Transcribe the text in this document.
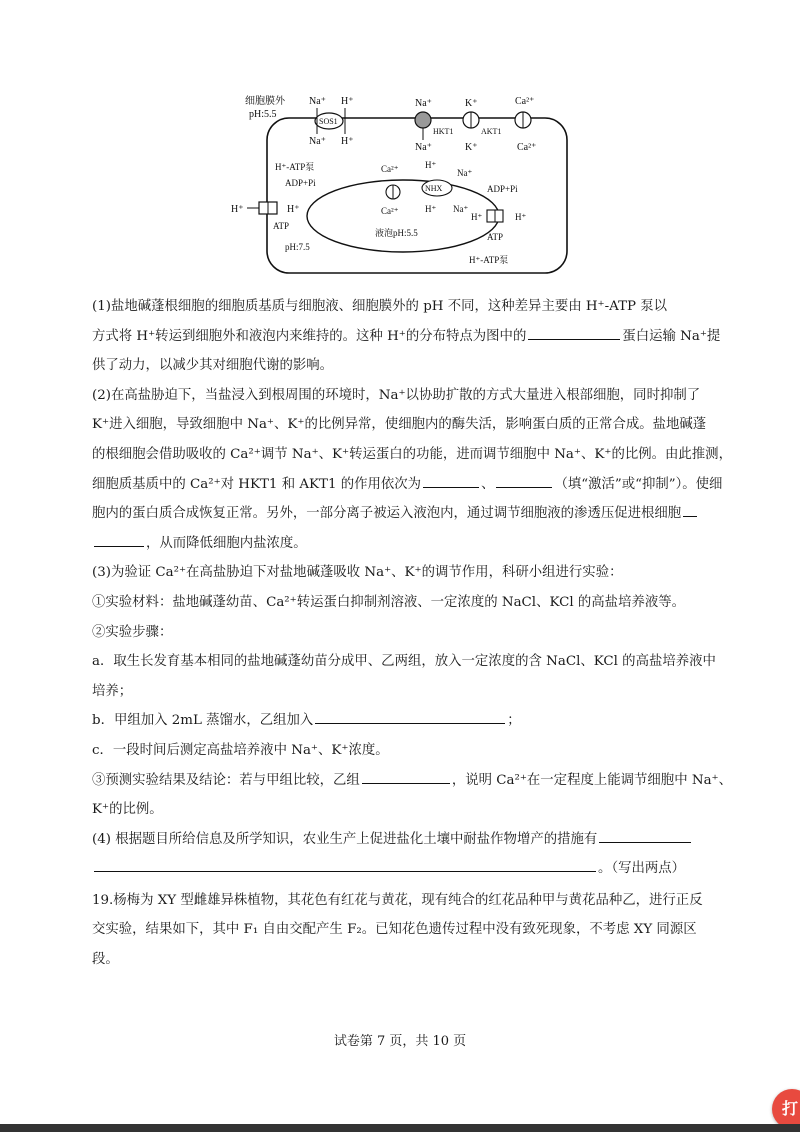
细胞膜外
pH:5.5
SOS1
Na⁺ H⁺
Na⁺ H⁺
Na⁺
Na⁺
HKT1
K⁺
K⁺
AKT1
Ca²⁺
Ca²⁺
H⁺-ATP泵
ADP+Pi
H⁺	H⁺
ATP
pH:7.5
Ca²⁺
Ca²⁺
NHX
H⁺
Na⁺
H⁺ Na⁺
ADP+Pi
H⁺	H⁺
ATP
H⁺-ATP泵
液泡pH:5.5

(1)盐地碱蓬根细胞的细胞质基质与细胞液、细胞膜外的 pH 不同，这种差异主要由 H⁺-ATP 泵以

方式将 H⁺转运到细胞外和液泡内来维持的。这种 H⁺的分布特点为图中的	蛋白运输 Na⁺提

供了动力，以减少其对细胞代谢的影响。

(2)在高盐胁迫下，当盐浸入到根周围的环境时，Na⁺以协助扩散的方式大量进入根部细胞，同时抑制了

K⁺进入细胞，导致细胞中 Na⁺、K⁺的比例异常，使细胞内的酶失活，影响蛋白质的正常合成。盐地碱蓬

的根细胞会借助吸收的 Ca²⁺调节 Na⁺、K⁺转运蛋白的功能，进而调节细胞中 Na⁺、K⁺的比例。由此推测，

细胞质基质中的 Ca²⁺对 HKT1 和 AKT1 的作用依次为	、	（填“激活”或“抑制”）。使细

胞内的蛋白质合成恢复正常。另外，一部分离子被运入液泡内，通过调节细胞液的渗透压促进根细胞

，从而降低细胞内盐浓度。

(3)为验证 Ca²⁺在高盐胁迫下对盐地碱蓬吸收 Na⁺、K⁺的调节作用，科研小组进行实验：

①实验材料：盐地碱蓬幼苗、Ca²⁺转运蛋白抑制剂溶液、一定浓度的 NaCl、KCl 的高盐培养液等。

②实验步骤：

a．取生长发育基本相同的盐地碱蓬幼苗分成甲、乙两组，放入一定浓度的含 NaCl、KCl 的高盐培养液中

培养；

b．甲组加入 2mL 蒸馏水，乙组加入	；

c．一段时间后测定高盐培养液中 Na⁺、K⁺浓度。

③预测实验结果及结论：若与甲组比较，乙组	，说明 Ca²⁺在一定程度上能调节细胞中 Na⁺、

K⁺的比例。

(4) 根据题目所给信息及所学知识，农业生产上促进盐化土壤中耐盐作物增产的措施有

。（写出两点）

19.杨梅为 XY 型雌雄异株植物，其花色有红花与黄花，现有纯合的红花品种甲与黄花品种乙，进行正反

交实验，结果如下，其中 F₁ 自由交配产生 F₂。已知花色遗传过程中没有致死现象，不考虑 XY 同源区

段。

试卷第 7 页，共 10 页
打
